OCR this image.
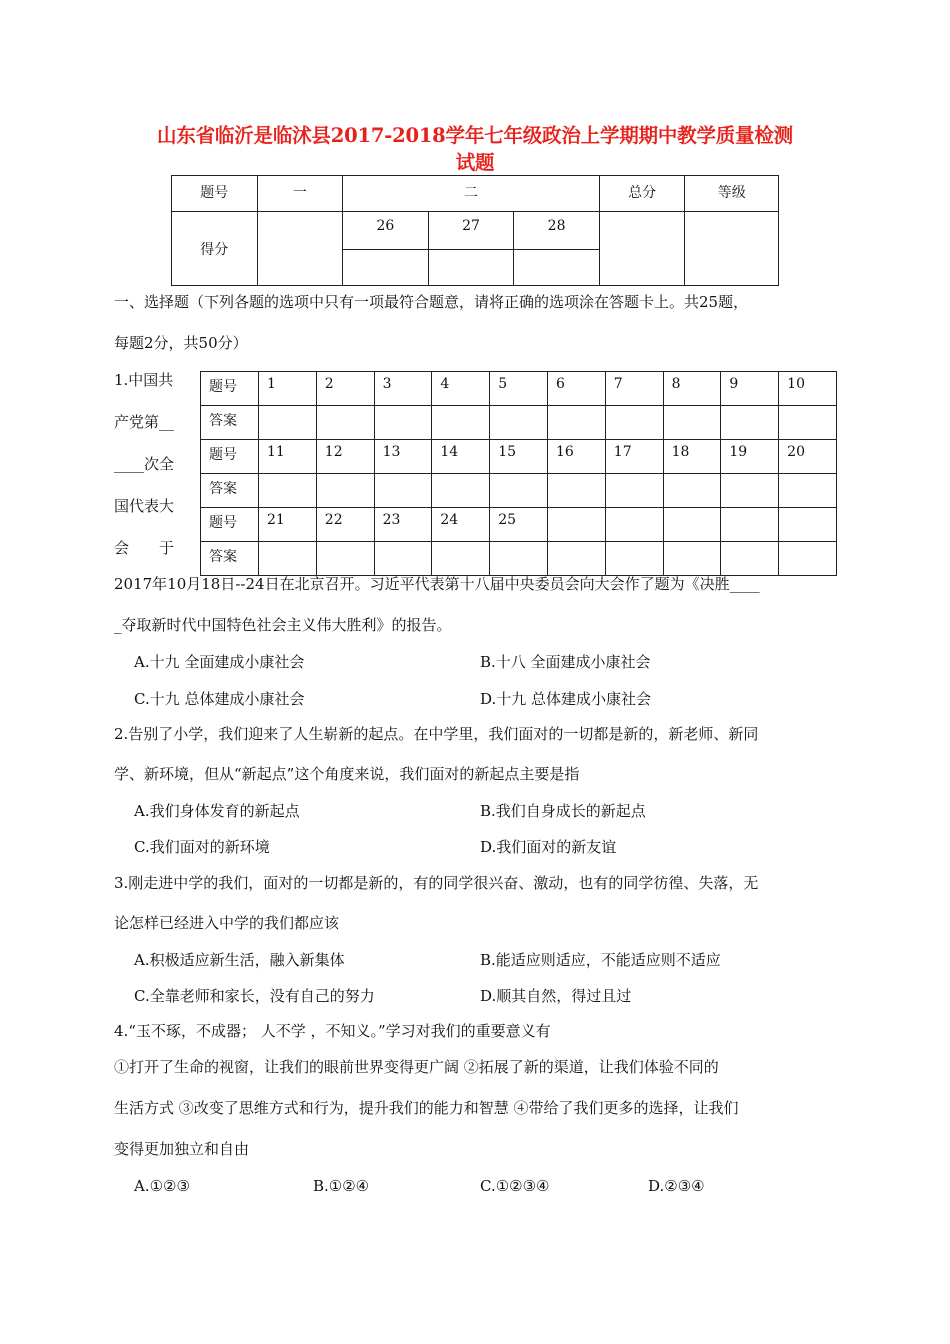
山东省临沂是临沭县2017-2018学年七年级政治上学期期中教学质量检测
试题
题号	一	二			总分	等级
得分		26	27	28		

一、选择题（下列各题的选项中只有一项最符合题意，请将正确的选项涂在答题卡上。共25题，
每题2分，共50分）
1.中国共
产党第__
____次全
国代表大
会　　于
题号	1	2	3	4	5	6	7	8	9	10
答案										
题号	11	12	13	14	15	16	17	18	19	20
答案										
题号	21	22	23	24	25					
答案										
2017年10月18日--24日在北京召开。习近平代表第十八届中央委员会向大会作了题为《决胜____
_夺取新时代中国特色社会主义伟大胜利》的报告。
A.十九 全面建成小康社会	B.十八 全面建成小康社会
C.十九 总体建成小康社会	D.十九 总体建成小康社会
2.告别了小学，我们迎来了人生崭新的起点。在中学里，我们面对的一切都是新的，新老师、新同
学、新环境，但从“新起点”这个角度来说，我们面对的新起点主要是指
A.我们身体发育的新起点	B.我们自身成长的新起点
C.我们面对的新环境	D.我们面对的新友谊
3.刚走进中学的我们，面对的一切都是新的，有的同学很兴奋、激动，也有的同学彷徨、失落，无
论怎样已经进入中学的我们都应该
A.积极适应新生活，融入新集体	B.能适应则适应，不能适应则不适应
C.全靠老师和家长，没有自己的努力	D.顺其自然，得过且过
4.“玉不琢，不成器； 人不学 ，不知义。”学习对我们的重要意义有
①打开了生命的视窗，让我们的眼前世界变得更广阔 ②拓展了新的渠道，让我们体验不同的
生活方式 ③改变了思维方式和行为，提升我们的能力和智慧 ④带给了我们更多的选择，让我们
变得更加独立和自由
A.①②③	B.①②④	C.①②③④	D.②③④
